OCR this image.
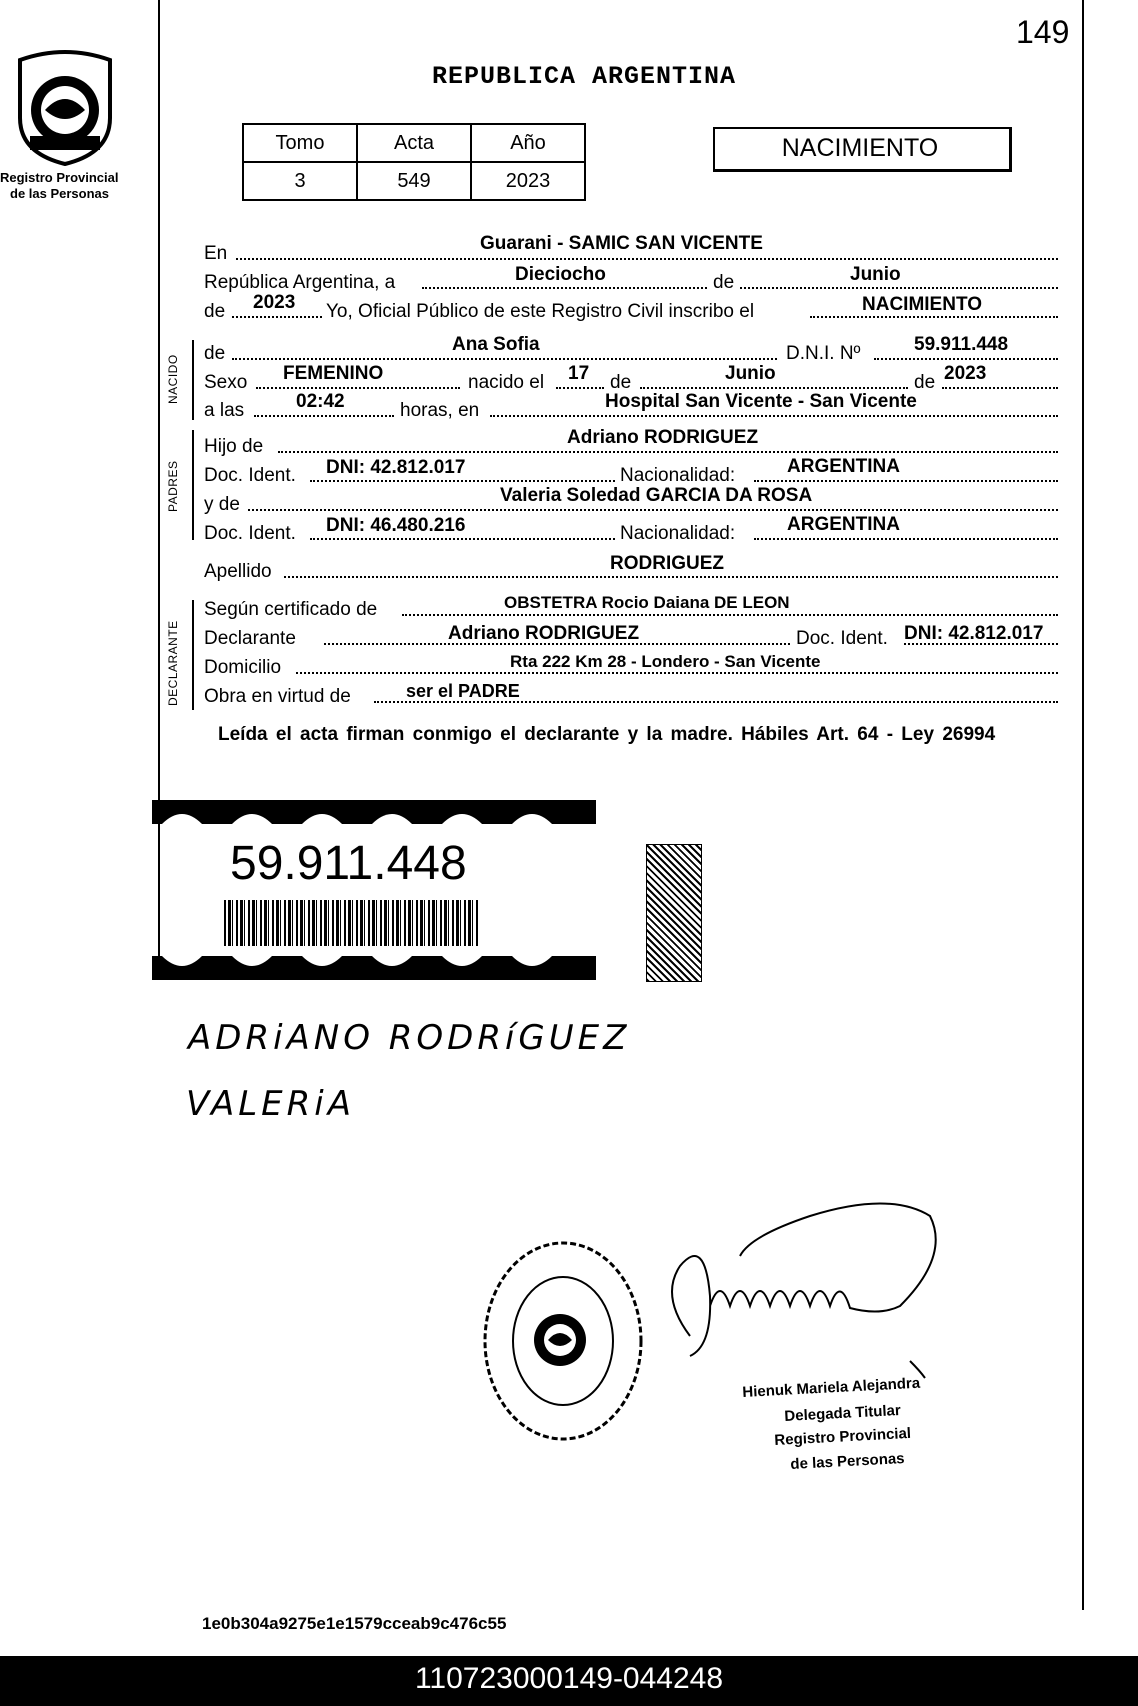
149
Registro Provincial
de las Personas
REPUBLICA ARGENTINA
Tomo	Acta	Año
3	549	2023
NACIMIENTO
En	Guarani - SAMIC SAN VICENTE
República Argentina, a	Dieciocho	de	Junio
de 2023 Yo, Oficial Público de este Registro Civil inscribo el	NACIMIENTO
NACIDO
PADRES
DECLARANTE
de	Ana Sofia	D.N.I. Nº	59.911.448
Sexo FEMENINO	nacido el 17 de	Junio	de 2023
a las	02:42	horas, en	Hospital San Vicente - San Vicente
Hijo de	Adriano RODRIGUEZ
Doc. Ident. DNI: 42.812.017	Nacionalidad:	ARGENTINA
y de	Valeria Soledad GARCIA DA ROSA
Doc. Ident. DNI: 46.480.216	Nacionalidad:	ARGENTINA
Apellido	RODRIGUEZ
Según certificado de	OBSTETRA Rocio Daiana DE LEON
Declarante	Adriano RODRIGUEZ	Doc. Ident. DNI: 42.812.017
Domicilio	Rta 222 Km 28 - Londero - San Vicente
Obra en virtud de	ser el PADRE
Leída el acta firman conmigo el declarante y la madre. Hábiles Art. 64 - Ley 26994
59.911.448
ADRiANO RODRíGUEZ
VALERiA
Hienuk Mariela Alejandra
Delegada Titular
Registro Provincial
de las Personas
1e0b304a9275e1e1579cceab9c476c55
110723000149-044248
